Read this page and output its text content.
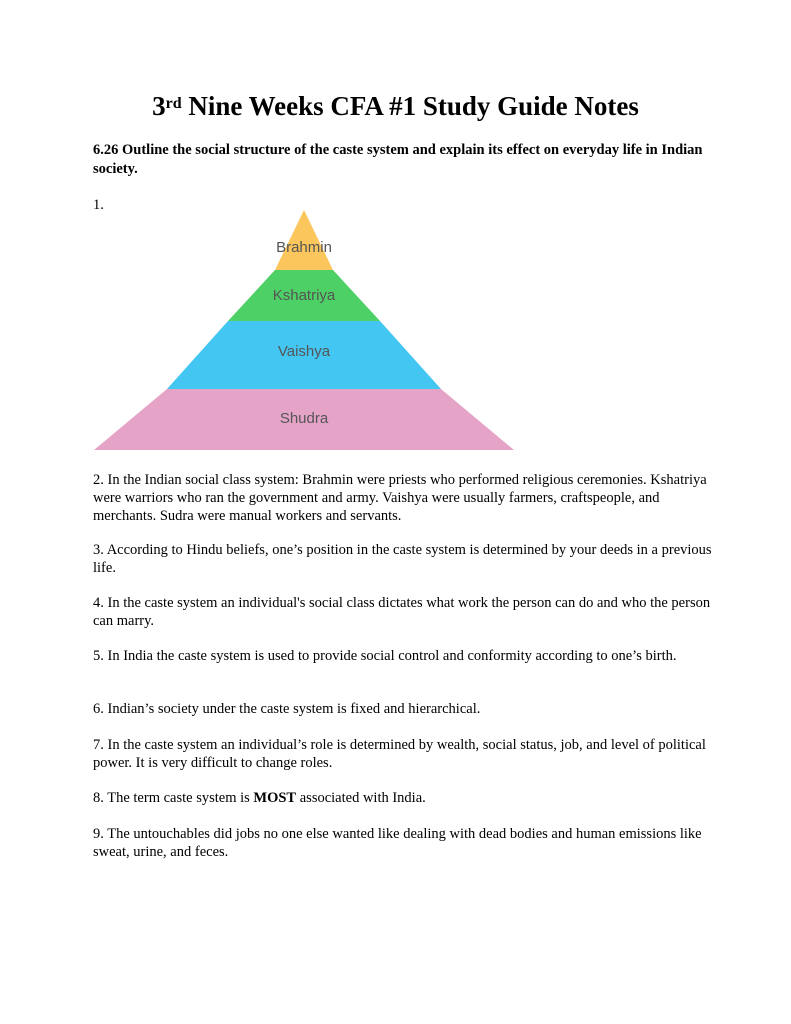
3rd Nine Weeks CFA #1 Study Guide Notes
6.26 Outline the social structure of the caste system and explain its effect on everyday life in Indian society.
1.
Brahmin
Kshatriya
Vaishya
Shudra

2. In the Indian social class system: Brahmin were priests who performed religious ceremonies. Kshatriya were warriors who ran the government and army. Vaishya were usually farmers, craftspeople, and merchants. Sudra were manual workers and servants.

3. According to Hindu beliefs, one’s position in the caste system is determined by your deeds in a previous life.

4. In the caste system an individual's social class dictates what work the person can do and who the person can marry.

5. In India the caste system is used to provide social control and conformity according to one’s birth.

6. Indian’s society under the caste system is fixed and hierarchical.

7. In the caste system an individual’s role is determined by wealth, social status, job, and level of political power. It is very difficult to change roles.

8. The term caste system is MOST associated with India.

9. The untouchables did jobs no one else wanted like dealing with dead bodies and human emissions like sweat, urine, and feces.
